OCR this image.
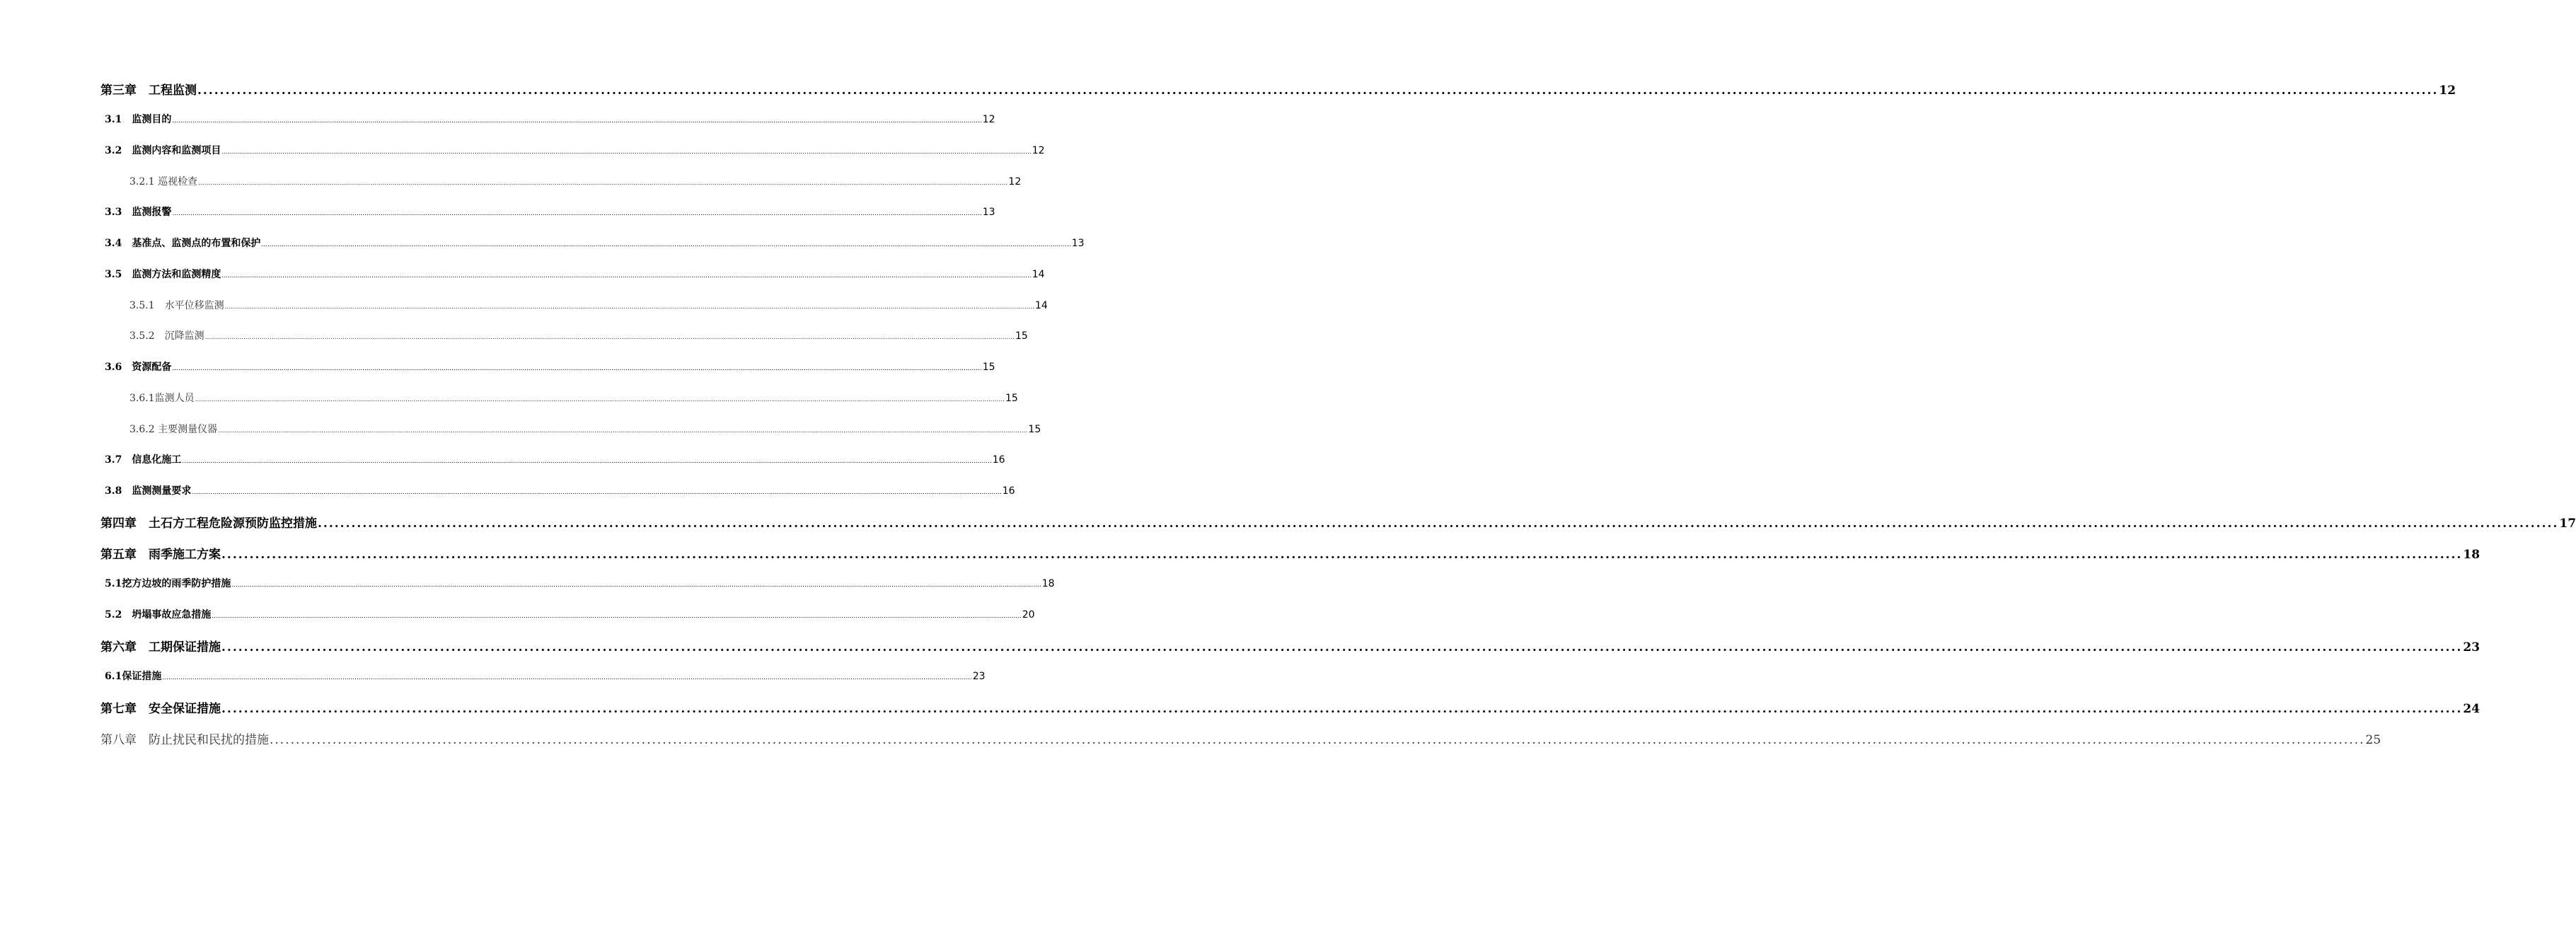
第三章　工程监测 ................................................................................................................................................................................................................................................................................................................................................................................................................ 12
3.1　监测目的 ................................................................................................................................................................................................................................................................................................................................................................................................................ 12
3.2　监测内容和监测项目 ................................................................................................................................................................................................................................................................................................................................................................................................................ 12
3.2.1 巡视检查 ................................................................................................................................................................................................................................................................................................................................................................................................................ 12
3.3　监测报警 ................................................................................................................................................................................................................................................................................................................................................................................................................ 13
3.4　基准点、监测点的布置和保护 ................................................................................................................................................................................................................................................................................................................................................................................................................ 13
3.5　监测方法和监测精度 ................................................................................................................................................................................................................................................................................................................................................................................................................ 14
3.5.1　水平位移监测 ................................................................................................................................................................................................................................................................................................................................................................................................................ 14
3.5.2　沉降监测 ................................................................................................................................................................................................................................................................................................................................................................................................................ 15
3.6　资源配备 ................................................................................................................................................................................................................................................................................................................................................................................................................ 15
3.6.1监测人员 ................................................................................................................................................................................................................................................................................................................................................................................................................ 15
3.6.2 主要测量仪器 ................................................................................................................................................................................................................................................................................................................................................................................................................ 15
3.7　信息化施工 ................................................................................................................................................................................................................................................................................................................................................................................................................ 16
3.8　监测测量要求 ................................................................................................................................................................................................................................................................................................................................................................................................................ 16
第四章　土石方工程危险源预防监控措施 ................................................................................................................................................................................................................................................................................................................................................................................................................ 17
第五章　雨季施工方案 ................................................................................................................................................................................................................................................................................................................................................................................................................ 18
5.1挖方边坡的雨季防护措施 ................................................................................................................................................................................................................................................................................................................................................................................................................ 18
5.2　坍塌事故应急措施 ................................................................................................................................................................................................................................................................................................................................................................................................................ 20
第六章　工期保证措施 ................................................................................................................................................................................................................................................................................................................................................................................................................ 23
6.1保证措施 ................................................................................................................................................................................................................................................................................................................................................................................................................ 23
第七章　安全保证措施 ................................................................................................................................................................................................................................................................................................................................................................................................................ 24
第八章　防止扰民和民扰的措施 ................................................................................................................................................................................................................................................................................................................................................................................................................ 25
